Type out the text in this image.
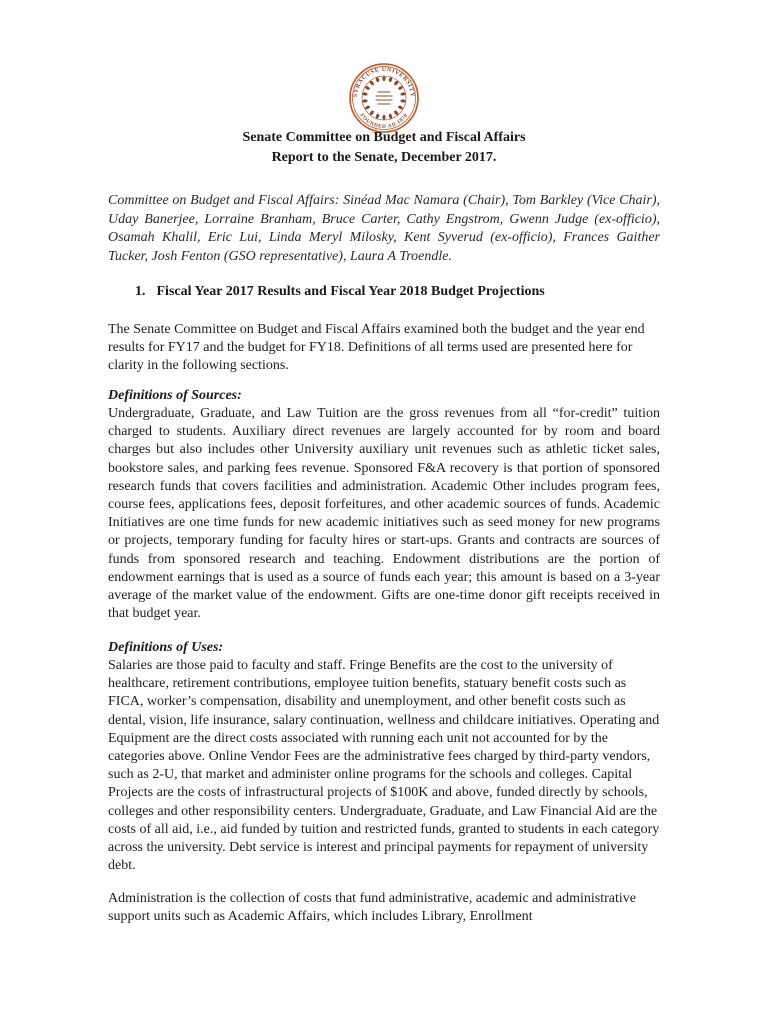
SYRACUSE UNIVERSITY
FOUNDED AD 1870
Senate Committee on Budget and Fiscal Affairs
Report to the Senate, December 2017.
Committee on Budget and Fiscal Affairs: Sinéad Mac Namara (Chair), Tom Barkley (Vice Chair), Uday Banerjee, Lorraine Branham, Bruce Carter, Cathy Engstrom, Gwenn Judge (ex-officio), Osamah Khalil, Eric Lui, Linda Meryl Milosky, Kent Syverud (ex-officio), Frances Gaither Tucker, Josh Fenton (GSO representative), Laura A Troendle.
1. Fiscal Year 2017 Results and Fiscal Year 2018 Budget Projections
The Senate Committee on Budget and Fiscal Affairs examined both the budget and the year end results for FY17 and the budget for FY18. Definitions of all terms used are presented here for clarity in the following sections.
Definitions of Sources:
Undergraduate, Graduate, and Law Tuition are the gross revenues from all “for-credit” tuition charged to students. Auxiliary direct revenues are largely accounted for by room and board charges but also includes other University auxiliary unit revenues such as athletic ticket sales, bookstore sales, and parking fees revenue. Sponsored F&A recovery is that portion of sponsored research funds that covers facilities and administration. Academic Other includes program fees, course fees, applications fees, deposit forfeitures, and other academic sources of funds. Academic Initiatives are one time funds for new academic initiatives such as seed money for new programs or projects, temporary funding for faculty hires or start-ups. Grants and contracts are sources of funds from sponsored research and teaching. Endowment distributions are the portion of endowment earnings that is used as a source of funds each year; this amount is based on a 3-year average of the market value of the endowment. Gifts are one-time donor gift receipts received in that budget year.
Definitions of Uses:
Salaries are those paid to faculty and staff. Fringe Benefits are the cost to the university of healthcare, retirement contributions, employee tuition benefits, statuary benefit costs such as FICA, worker’s compensation, disability and unemployment, and other benefit costs such as dental, vision, life insurance, salary continuation, wellness and childcare initiatives. Operating and Equipment are the direct costs associated with running each unit not accounted for by the categories above. Online Vendor Fees are the administrative fees charged by third-party vendors, such as 2-U, that market and administer online programs for the schools and colleges. Capital Projects are the costs of infrastructural projects of $100K and above, funded directly by schools, colleges and other responsibility centers. Undergraduate, Graduate, and Law Financial Aid are the costs of all aid, i.e., aid funded by tuition and restricted funds, granted to students in each category across the university. Debt service is interest and principal payments for repayment of university debt.
Administration is the collection of costs that fund administrative, academic and administrative support units such as Academic Affairs, which includes Library, Enrollment
